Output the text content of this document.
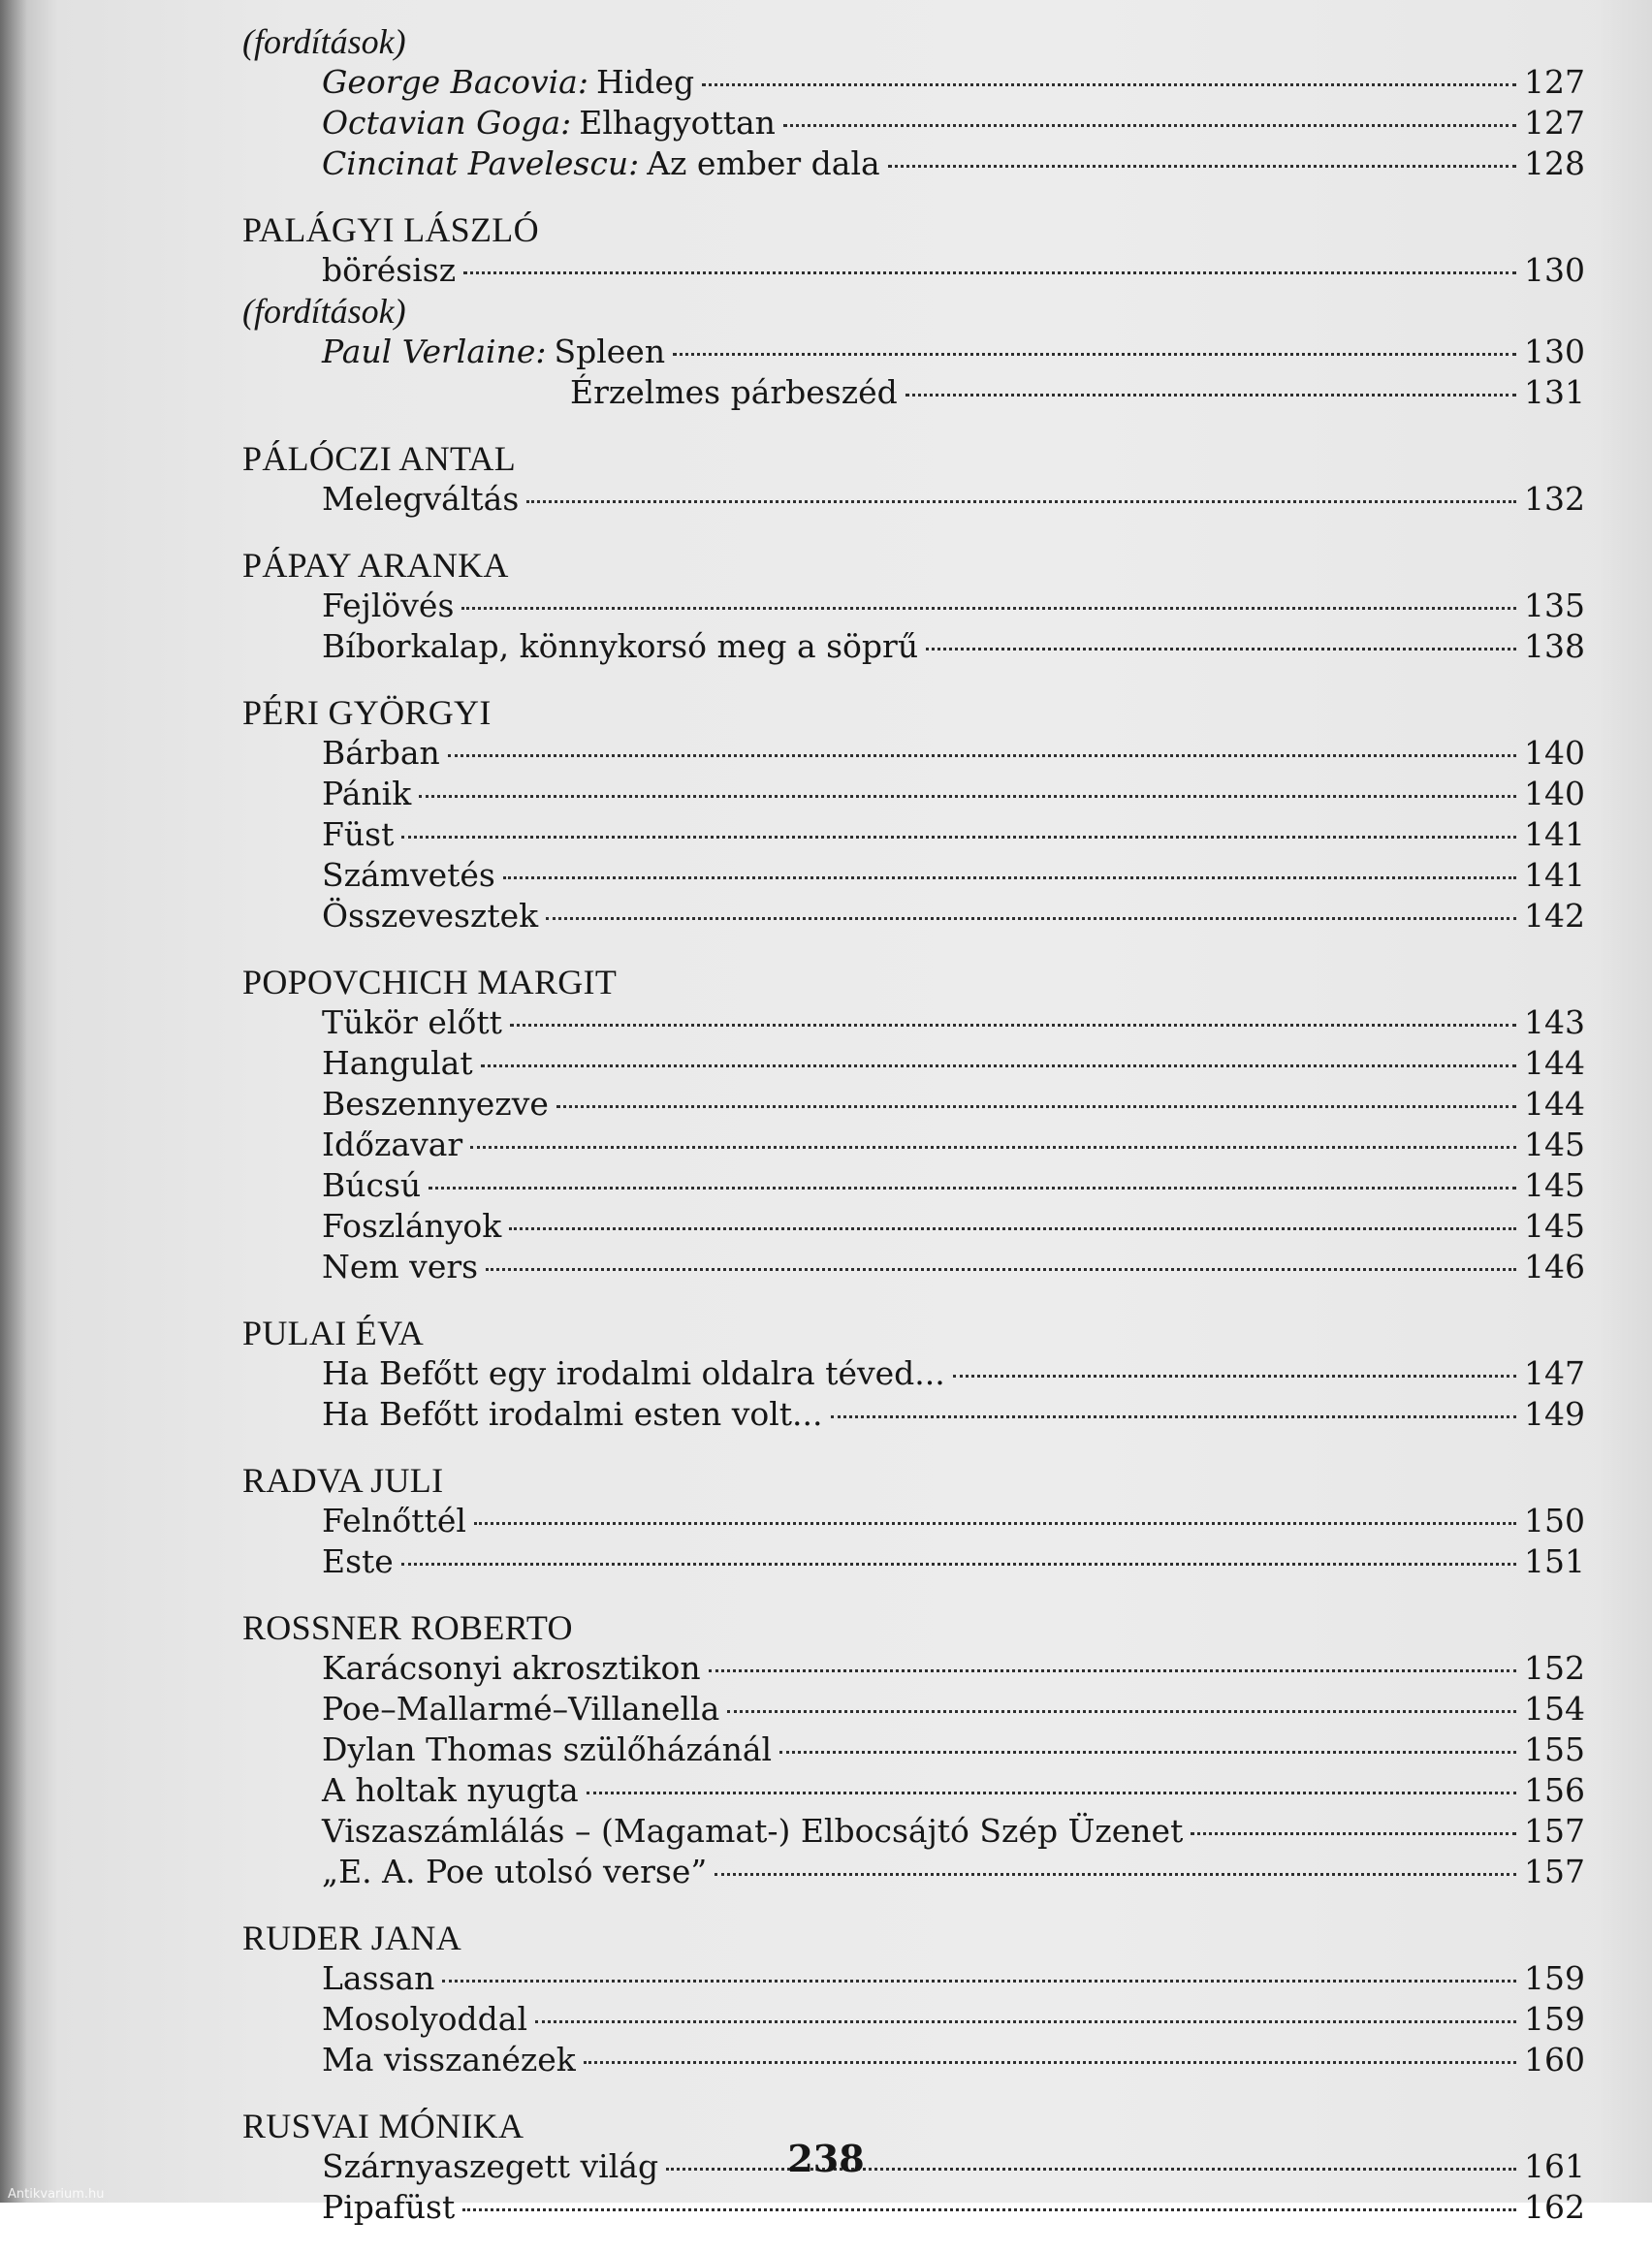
(fordítások)
George Bacovia: Hideg	127
Octavian Goga: Elhagyottan	127
Cincinat Pavelescu: Az ember dala	128
PALÁGYI LÁSZLÓ
börésisz	130
(fordítások)
Paul Verlaine: Spleen	130
Érzelmes párbeszéd	131
PÁLÓCZI ANTAL
Melegváltás	132
PÁPAY ARANKA
Fejlövés	135
Bíborkalap, könnykorsó meg a söprű	138
PÉRI GYÖRGYI
Bárban	140
Pánik	140
Füst	141
Számvetés	141
Összevesztek	142
POPOVCHICH MARGIT
Tükör előtt	143
Hangulat	144
Beszennyezve	144
Időzavar	145
Búcsú	145
Foszlányok	145
Nem vers	146
PULAI ÉVA
Ha Befőtt egy irodalmi oldalra téved...	147
Ha Befőtt irodalmi esten volt...	149
RADVA JULI
Felnőttél	150
Este	151
ROSSNER ROBERTO
Karácsonyi akrosztikon	152
Poe–Mallarmé–Villanella	154
Dylan Thomas szülőházánál	155
A holtak nyugta	156
Viszaszámlálás – (Magamat-) Elbocsájtó Szép Üzenet	157
„E. A. Poe utolsó verse”	157
RUDER JANA
Lassan	159
Mosolyoddal	159
Ma visszanézek	160
RUSVAI MÓNIKA
Szárnyaszegett világ	161
Pipafüst	162
238
Antikvarium.hu
